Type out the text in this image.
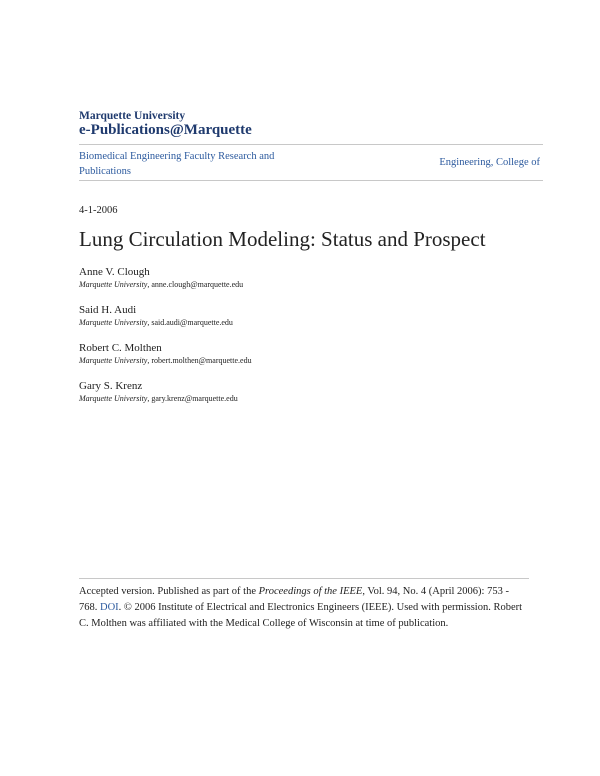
Marquette University
e-Publications@Marquette
Biomedical Engineering Faculty Research and Publications
Engineering, College of
4-1-2006
Lung Circulation Modeling: Status and Prospect
Anne V. Clough
Marquette University, anne.clough@marquette.edu
Said H. Audi
Marquette University, said.audi@marquette.edu
Robert C. Molthen
Marquette University, robert.molthen@marquette.edu
Gary S. Krenz
Marquette University, gary.krenz@marquette.edu
Accepted version. Published as part of the Proceedings of the IEEE, Vol. 94, No. 4 (April 2006): 753 - 768. DOI. © 2006 Institute of Electrical and Electronics Engineers (IEEE). Used with permission. Robert C. Molthen was affiliated with the Medical College of Wisconsin at time of publication.
